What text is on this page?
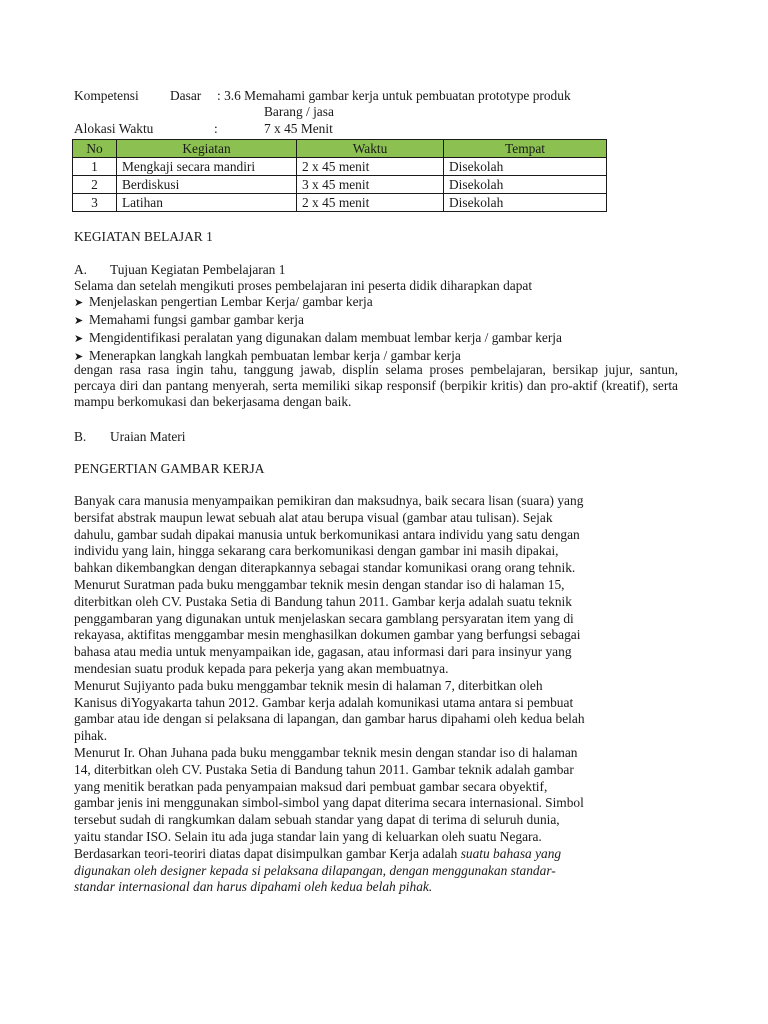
Kompetensi Dasar : 3.6 Memahami gambar kerja untuk pembuatan prototype produk
Barang / jasa
Alokasi Waktu	:	7 x 45 Menit
No	Kegiatan	Waktu	Tempat
1	Mengkaji secara mandiri	2 x 45 menit	Disekolah
2	Berdiskusi	3 x 45 menit	Disekolah
3	Latihan	2 x 45 menit	Disekolah
KEGIATAN BELAJAR 1
A. Tujuan Kegiatan Pembelajaran 1
Selama dan setelah mengikuti proses pembelajaran ini peserta didik diharapkan dapat
➤ Menjelaskan pengertian Lembar Kerja/ gambar kerja
➤ Memahami fungsi gambar gambar kerja
➤ Mengidentifikasi peralatan yang digunakan dalam membuat lembar kerja / gambar kerja
➤ Menerapkan langkah langkah pembuatan lembar kerja / gambar kerja
dengan rasa rasa ingin tahu, tanggung jawab, displin selama proses pembelajaran, bersikap jujur, santun, percaya diri dan pantang menyerah, serta memiliki sikap responsif (berpikir kritis) dan pro-aktif (kreatif), serta mampu berkomukasi dan bekerjasama dengan baik.
B. Uraian Materi
PENGERTIAN GAMBAR KERJA
Banyak cara manusia menyampaikan pemikiran dan maksudnya, baik secara lisan (suara) yang
bersifat abstrak maupun lewat sebuah alat atau berupa visual (gambar atau tulisan). Sejak
dahulu, gambar sudah dipakai manusia untuk berkomunikasi antara individu yang satu dengan
individu yang lain, hingga sekarang cara berkomunikasi dengan gambar ini masih dipakai,
bahkan dikembangkan dengan diterapkannya sebagai standar komunikasi orang orang tehnik.
Menurut Suratman pada buku menggambar teknik mesin dengan standar iso di halaman 15,
diterbitkan oleh CV. Pustaka Setia di Bandung tahun 2011. Gambar kerja adalah suatu teknik
penggambaran yang digunakan untuk menjelaskan secara gamblang persyaratan item yang di
rekayasa, aktifitas menggambar mesin menghasilkan dokumen gambar yang berfungsi sebagai
bahasa atau media untuk menyampaikan ide, gagasan, atau informasi dari para insinyur yang
mendesian suatu produk kepada para pekerja yang akan membuatnya.
Menurut Sujiyanto pada buku menggambar teknik mesin di halaman 7, diterbitkan oleh
Kanisus diYogyakarta tahun 2012. Gambar kerja adalah komunikasi utama antara si pembuat
gambar atau ide dengan si pelaksana di lapangan, dan gambar harus dipahami oleh kedua belah
pihak.
Menurut Ir. Ohan Juhana pada buku menggambar teknik mesin dengan standar iso di halaman
14, diterbitkan oleh CV. Pustaka Setia di Bandung tahun 2011. Gambar teknik adalah gambar
yang menitik beratkan pada penyampaian maksud dari pembuat gambar secara obyektif,
gambar jenis ini menggunakan simbol-simbol yang dapat diterima secara internasional. Simbol
tersebut sudah di rangkumkan dalam sebuah standar yang dapat di terima di seluruh dunia,
yaitu standar ISO. Selain itu ada juga standar lain yang di keluarkan oleh suatu Negara.
Berdasarkan teori-teoriri diatas dapat disimpulkan gambar Kerja adalah suatu bahasa yang
digunakan oleh designer kepada si pelaksana dilapangan, dengan menggunakan standar-
standar internasional dan harus dipahami oleh kedua belah pihak.
